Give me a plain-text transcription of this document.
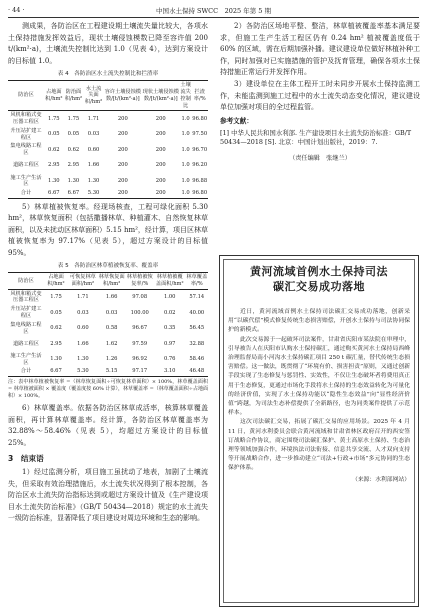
· 44 ·	中国水土保持 SWCC　2025 年第 5 期

测成果，各防治区在工程建设期土壤流失量比较大，各项水土保持措施发挥效益后，现状土壤侵蚀模数已降至容许值 200 t/(km²·a)，土壤流失控制比达到 1.0（见表 4），达到方案设计的目标值 1.0。

表 4　各防治区水土流失控制比和拦渣率
防治区	占地面积/hm²	防治面积/hm²	水土流失面积/hm²	容许土壤侵蚀模数/[t/(km²·a)]	现状土壤侵蚀模数/[t/(km²·a)]	土壤流失控制比	拦渣率/%
风机和箱式变压器工程区	1.75	1.75	1.71	200	200	1.0	96.80
升压站扩建工程区	0.05	0.05	0.03	200	200	1.0	97.50
集电线路工程区	0.62	0.62	0.60	200	200	1.0	96.70
道路工程区	2.95	2.95	1.66	200	200	1.0	96.20
施工生产生活区	1.30	1.30	1.30	200	200	1.0	96.88
合计	6.67	6.67	5.30	200	200	1.0	96.80

5）林草植被恢复率。经现场核查，工程可绿化面积 5.30 hm²，林草恢复面积（包括撒播林草、种植灌木、自然恢复林草面积，以及未扰动区林草面积）5.15 hm²，经计算，项目区林草植被恢复率为 97.17%（见表 5），超过方案设计的目标值 95%。

表 5　各防治区林草植被恢复率、覆盖率
防治区	占地面积/hm²	可恢复林草面积/hm²	林草恢复面积/hm²	林草植被恢复率/%	林草植被覆盖面积/hm²	林草覆盖率/%
风机和箱式变压器工程区	1.75	1.71	1.66	97.08	1.00	57.14
升压站扩建工程区	0.05	0.03	0.03	100.00	0.02	40.00
集电线路工程区	0.62	0.60	0.58	96.67	0.35	56.45
道路工程区	2.95	1.66	1.62	97.59	0.97	32.88
施工生产生活区	1.30	1.30	1.26	96.92	0.76	58.46
合计	6.67	5.30	5.15	97.17	3.10	46.48
注：表中林草植被恢复率 =（林草恢复面积÷可恢复林草面积）× 100%，林草覆盖面积 = 林草植被面积 × 覆盖度（覆盖度按 60% 计算），林草覆盖率 =（林草覆盖面积÷占地面积）× 100%。

6）林草覆盖率。依据各防治区林草成活率，核算林草覆盖面积，再计算林草覆盖率。经计算，各防治区林草覆盖率为 32.88%～58.46%（见表 5），均超过方案设计的目标值 25%。

3　结束语

1）经过监测分析，项目施工虽扰动了地表，加剧了土壤流失，但采取有效治理措施后，水土流失状况得到了根本控制，各防治区水土流失防治指标达到或超过方案设计值及《生产建设项目水土流失防治标准》（GB/T 50434—2018）规定的水土流失一级防治标准，显著降低了项目建设对周边环境和生态的影响。

2）各防治区场地平整、整洁，林草植被覆盖率基本满足要求，但施工生产生活工程区仍有 0.24 hm² 植被覆盖度低于 60% 的区域，需在后期加强补播。建议建设单位做好林植补种工作，同时加强对已实施措施的管护及抚育管理，确保各项水土保持措施正常运行并发挥作用。

3）建设单位在主体工程开工时未同步开展水土保持监测工作，未能监测到施工过程中的水土流失动态变化情况，建议建设单位加强对项目的全过程监管。

参考文献：
[1] 中华人民共和国水利部. 生产建设项目水土流失防治标准：GB/T 50434—2018 [S]. 北京：中国计划出版社，2019：7.
（责任编辑　张继兰）
黄河流域首例水土保持司法
碳汇交易成功落地

近日，黄河流域首例水土保持司法碳汇交易成功落地，创新采用“以碳代偿”模式修复传统生态损害赔偿，开创水土保持与司法协同保护的新模式。

此次交易源于一起破坏司法案件，甘肃省庆阳市某法院在审理中，引导被告人在庆阳市认购水土保持碳汇，通过购买黄河水土保持局西峰治理监督局南小河沟水土保持碳汇项目 250 t 碳汇量，替代传统生态损害赔偿。这一做法，既贯彻了“环境有价、损害担责”原则，又通过创新手段实现了生态修复与惩罚性、实效性，不仅让生态破坏者将费用真正用于生态修复，更通过市场化手段将水土保持的生态效益转化为可量化的经济价值，实现了水土保持功能以“隐性生态效益”向“显性经济价值”跨越，为司法生态补偿提供了全新路径，也为同类案件提供了示范样本。

这次司法碳汇交易，拓展了碳汇交易的应用场景。2025 年 4 月 11 日，黄河水利委员会联合黄河流域和甘肃省林区政府召开的西安签订战略合作协议，商定围绕司法碳汇保护、黄土高原水土保持、生态治理等领域加强合作，环境执法司法衔接、信息共享交流、人才双向支持等开展战略合作，进一步推动建立“司法+行政+市场”多元协同的生态保护体系。

（来源：水利部网站）
